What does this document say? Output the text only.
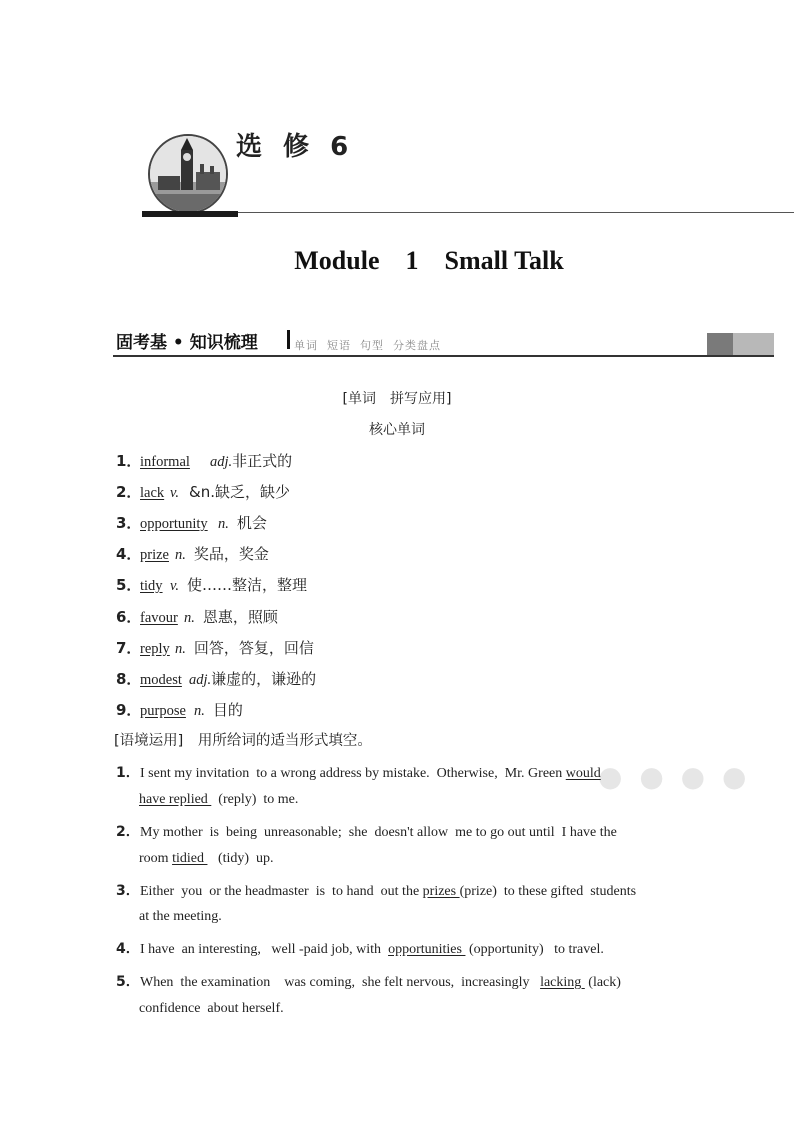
选 修 6
Module    1    Small Talk
固考基 • 知识梳理	单词  短语  句型  分类盘点
[单词　拼写应用]
核心单词
1．informal adj.非正式的
2．lack v. &n.缺乏，缺少
3．opportunity n. 机会
4．prize n. 奖品，奖金
5．tidy v. 使……整洁，整理
6．favour n. 恩惠，照顾
7．reply n. 回答，答复，回信
8．modest adj.谦虚的，谦逊的
9．purpose n. 目的
[语境运用]　用所给词的适当形式填空。
● ● ● ●
1．I sent my invitation  to a wrong address by mistake.  Otherwise,  Mr. Green would
have replied   (reply)  to me.
2．My mother  is  being  unreasonable;  she  doesn't allow  me to go out until  I have the
room tidied    (tidy)  up.
3．Either  you  or the headmaster  is  to hand  out the prizes (prize)  to these gifted  students
at the meeting.
4．I have  an interesting,   well -paid job, with  opportunities  (opportunity)   to travel.
5．When  the examination    was coming,  she felt nervous,  increasingly   lacking  (lack)
confidence  about herself.
